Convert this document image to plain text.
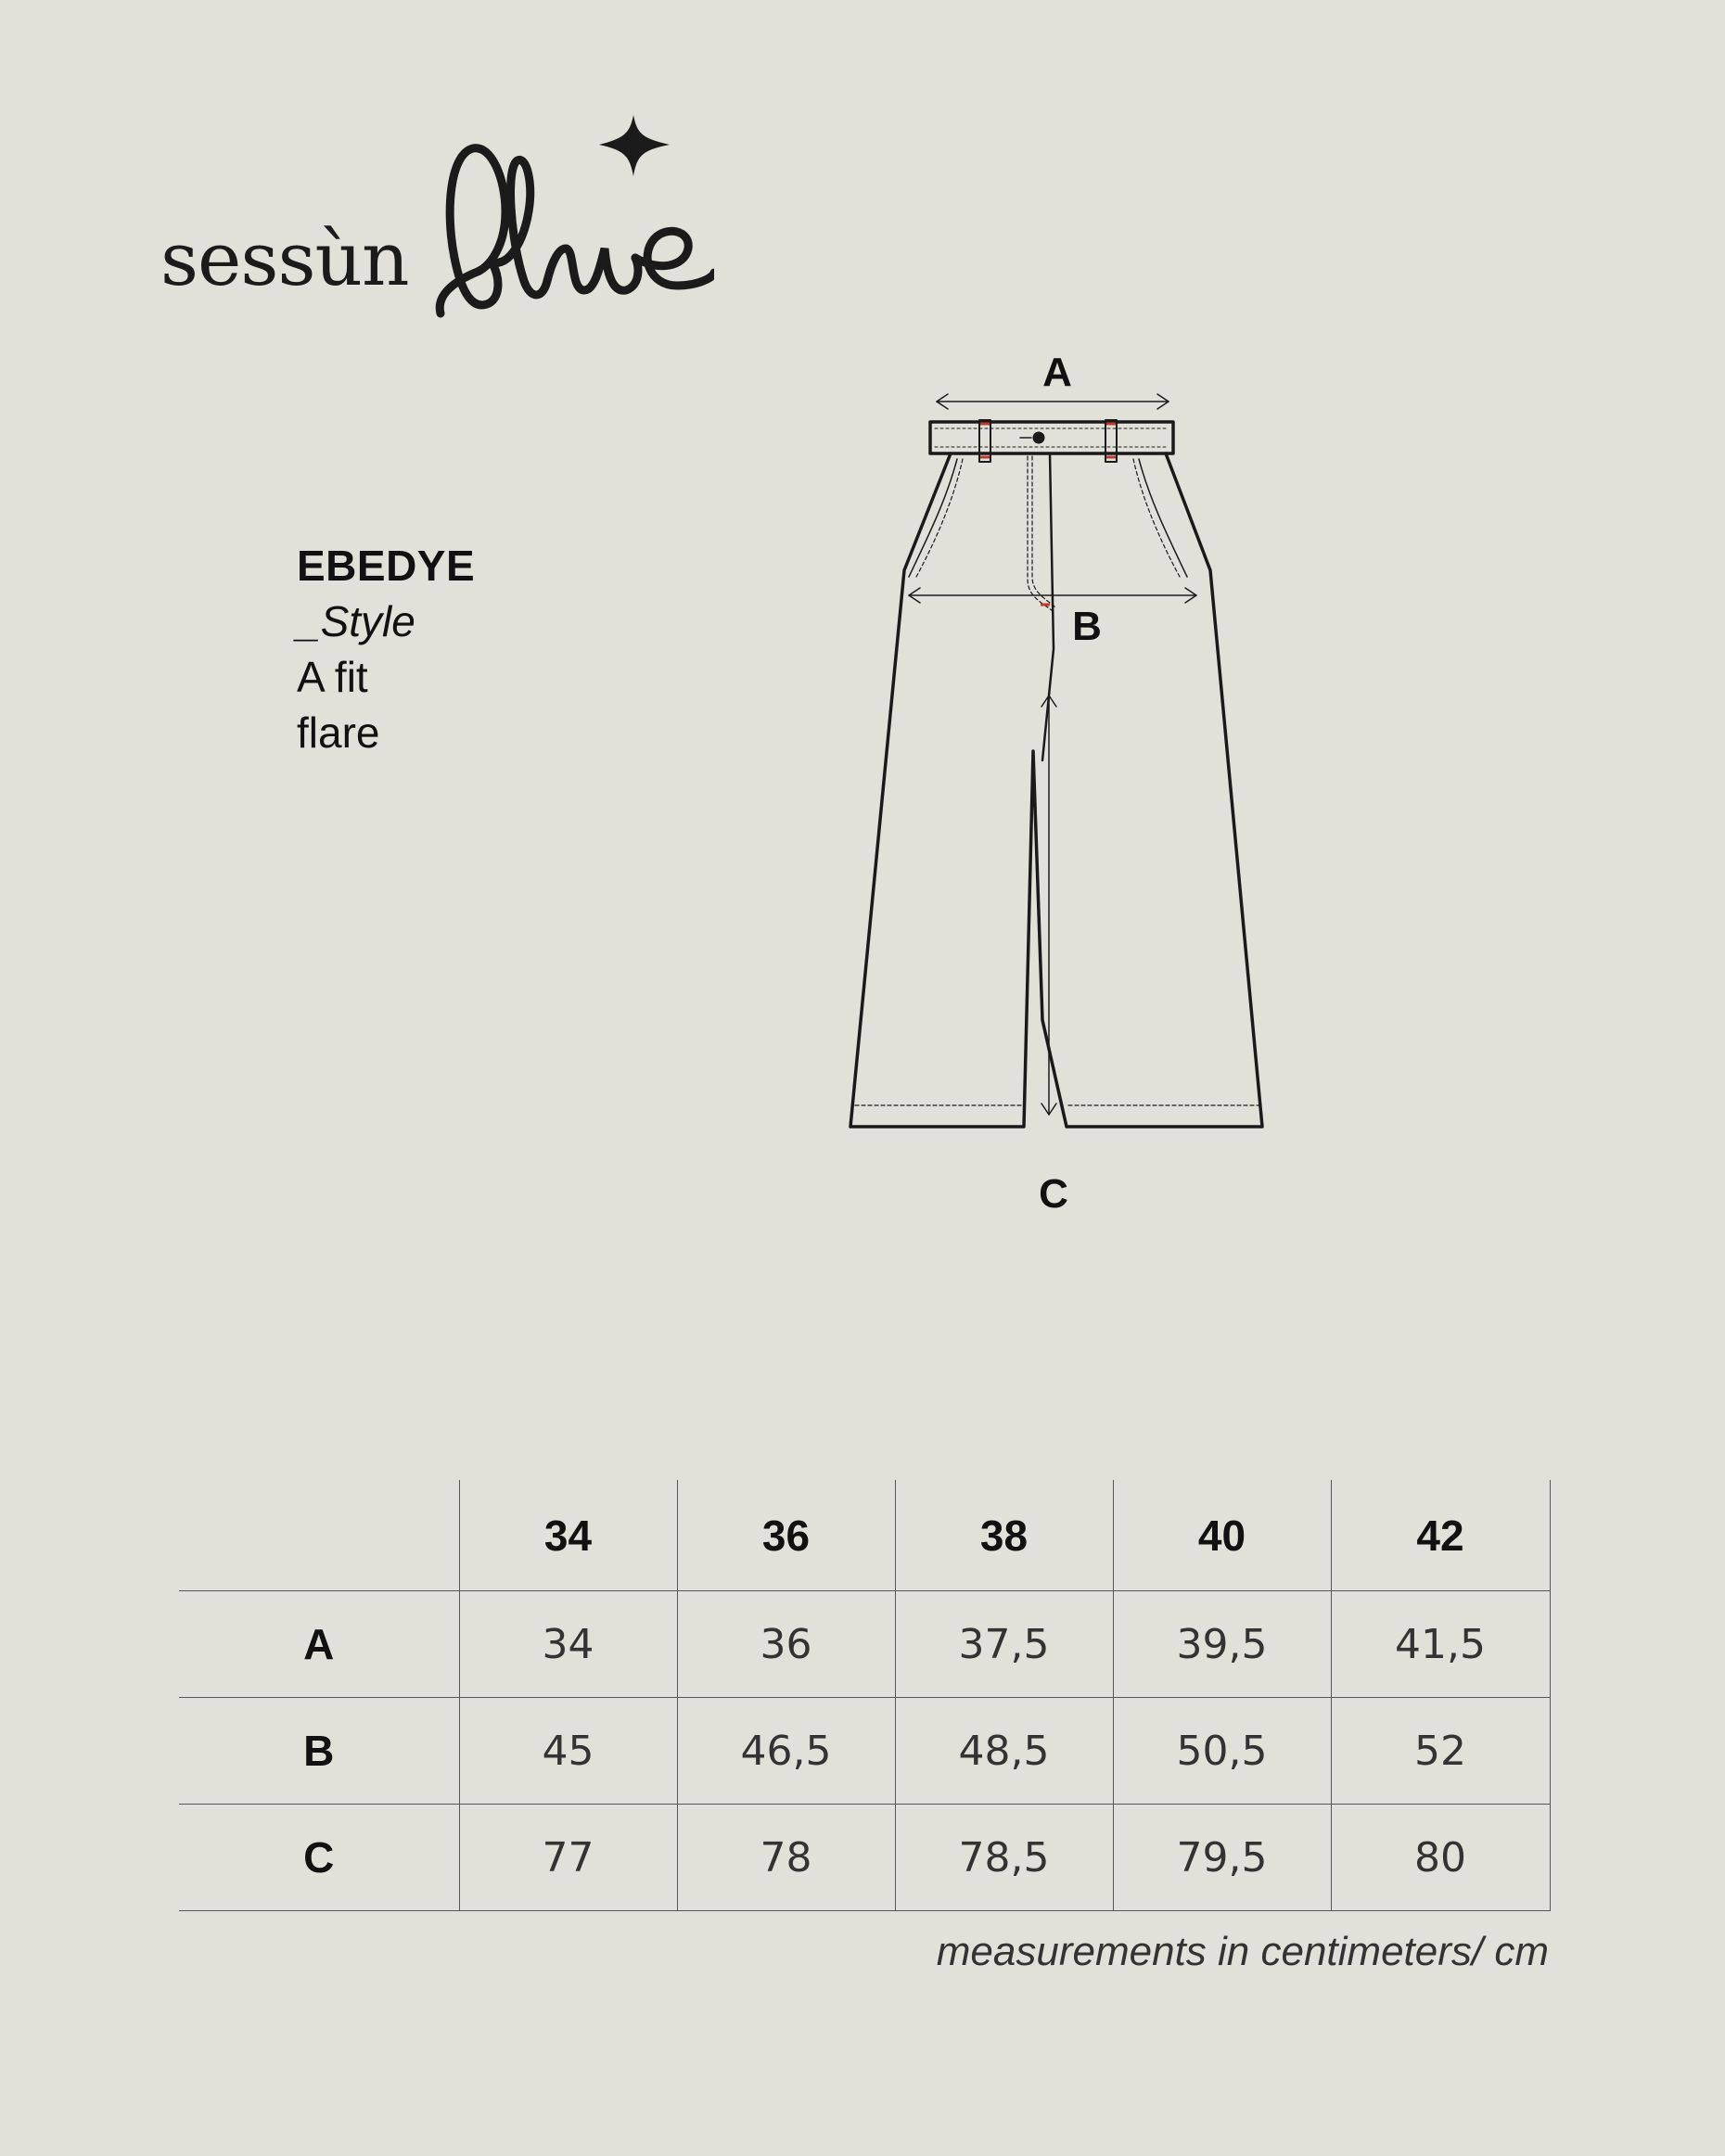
sessùn
EBEDYE
_Style
A fit
flare
A
B
C
	34	36	38	40	42
A	34	36	37,5	39,5	41,5
B	45	46,5	48,5	50,5	52
C	77	78	78,5	79,5	80
measurements in centimeters/ cm
